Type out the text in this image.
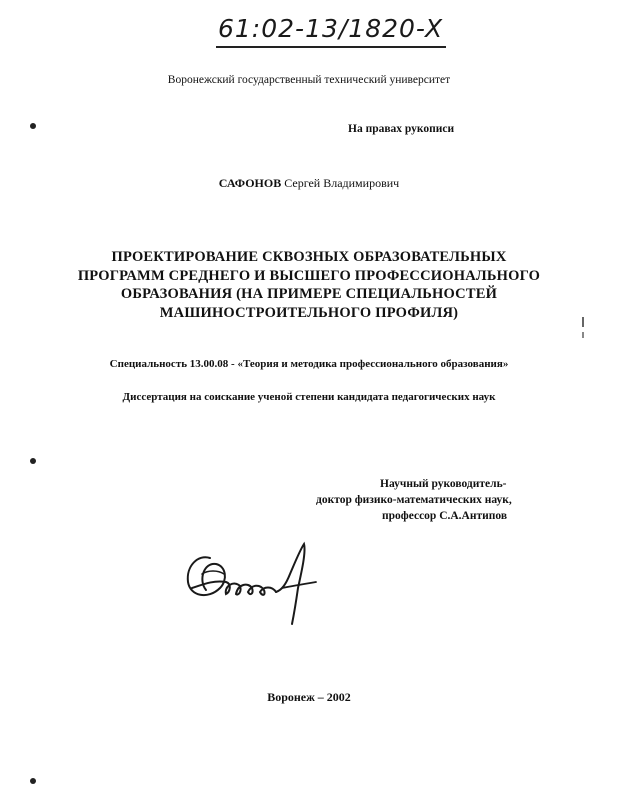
61:02-13/1820-X
Воронежский государственный технический университет
На правах рукописи
САФОНОВ Сергей Владимирович
ПРОЕКТИРОВАНИЕ СКВОЗНЫХ ОБРАЗОВАТЕЛЬНЫХ
ПРОГРАММ СРЕДНЕГО И ВЫСШЕГО ПРОФЕССИОНАЛЬНОГО
ОБРАЗОВАНИЯ (НА ПРИМЕРЕ СПЕЦИАЛЬНОСТЕЙ
МАШИНОСТРОИТЕЛЬНОГО ПРОФИЛЯ)
Специальность 13.00.08 - «Теория и методика профессионального образования»
Диссертация на соискание ученой степени кандидата педагогических наук
Научный руководитель-
доктор физико-математических наук,
профессор С.А.Антипов
Воронеж – 2002
